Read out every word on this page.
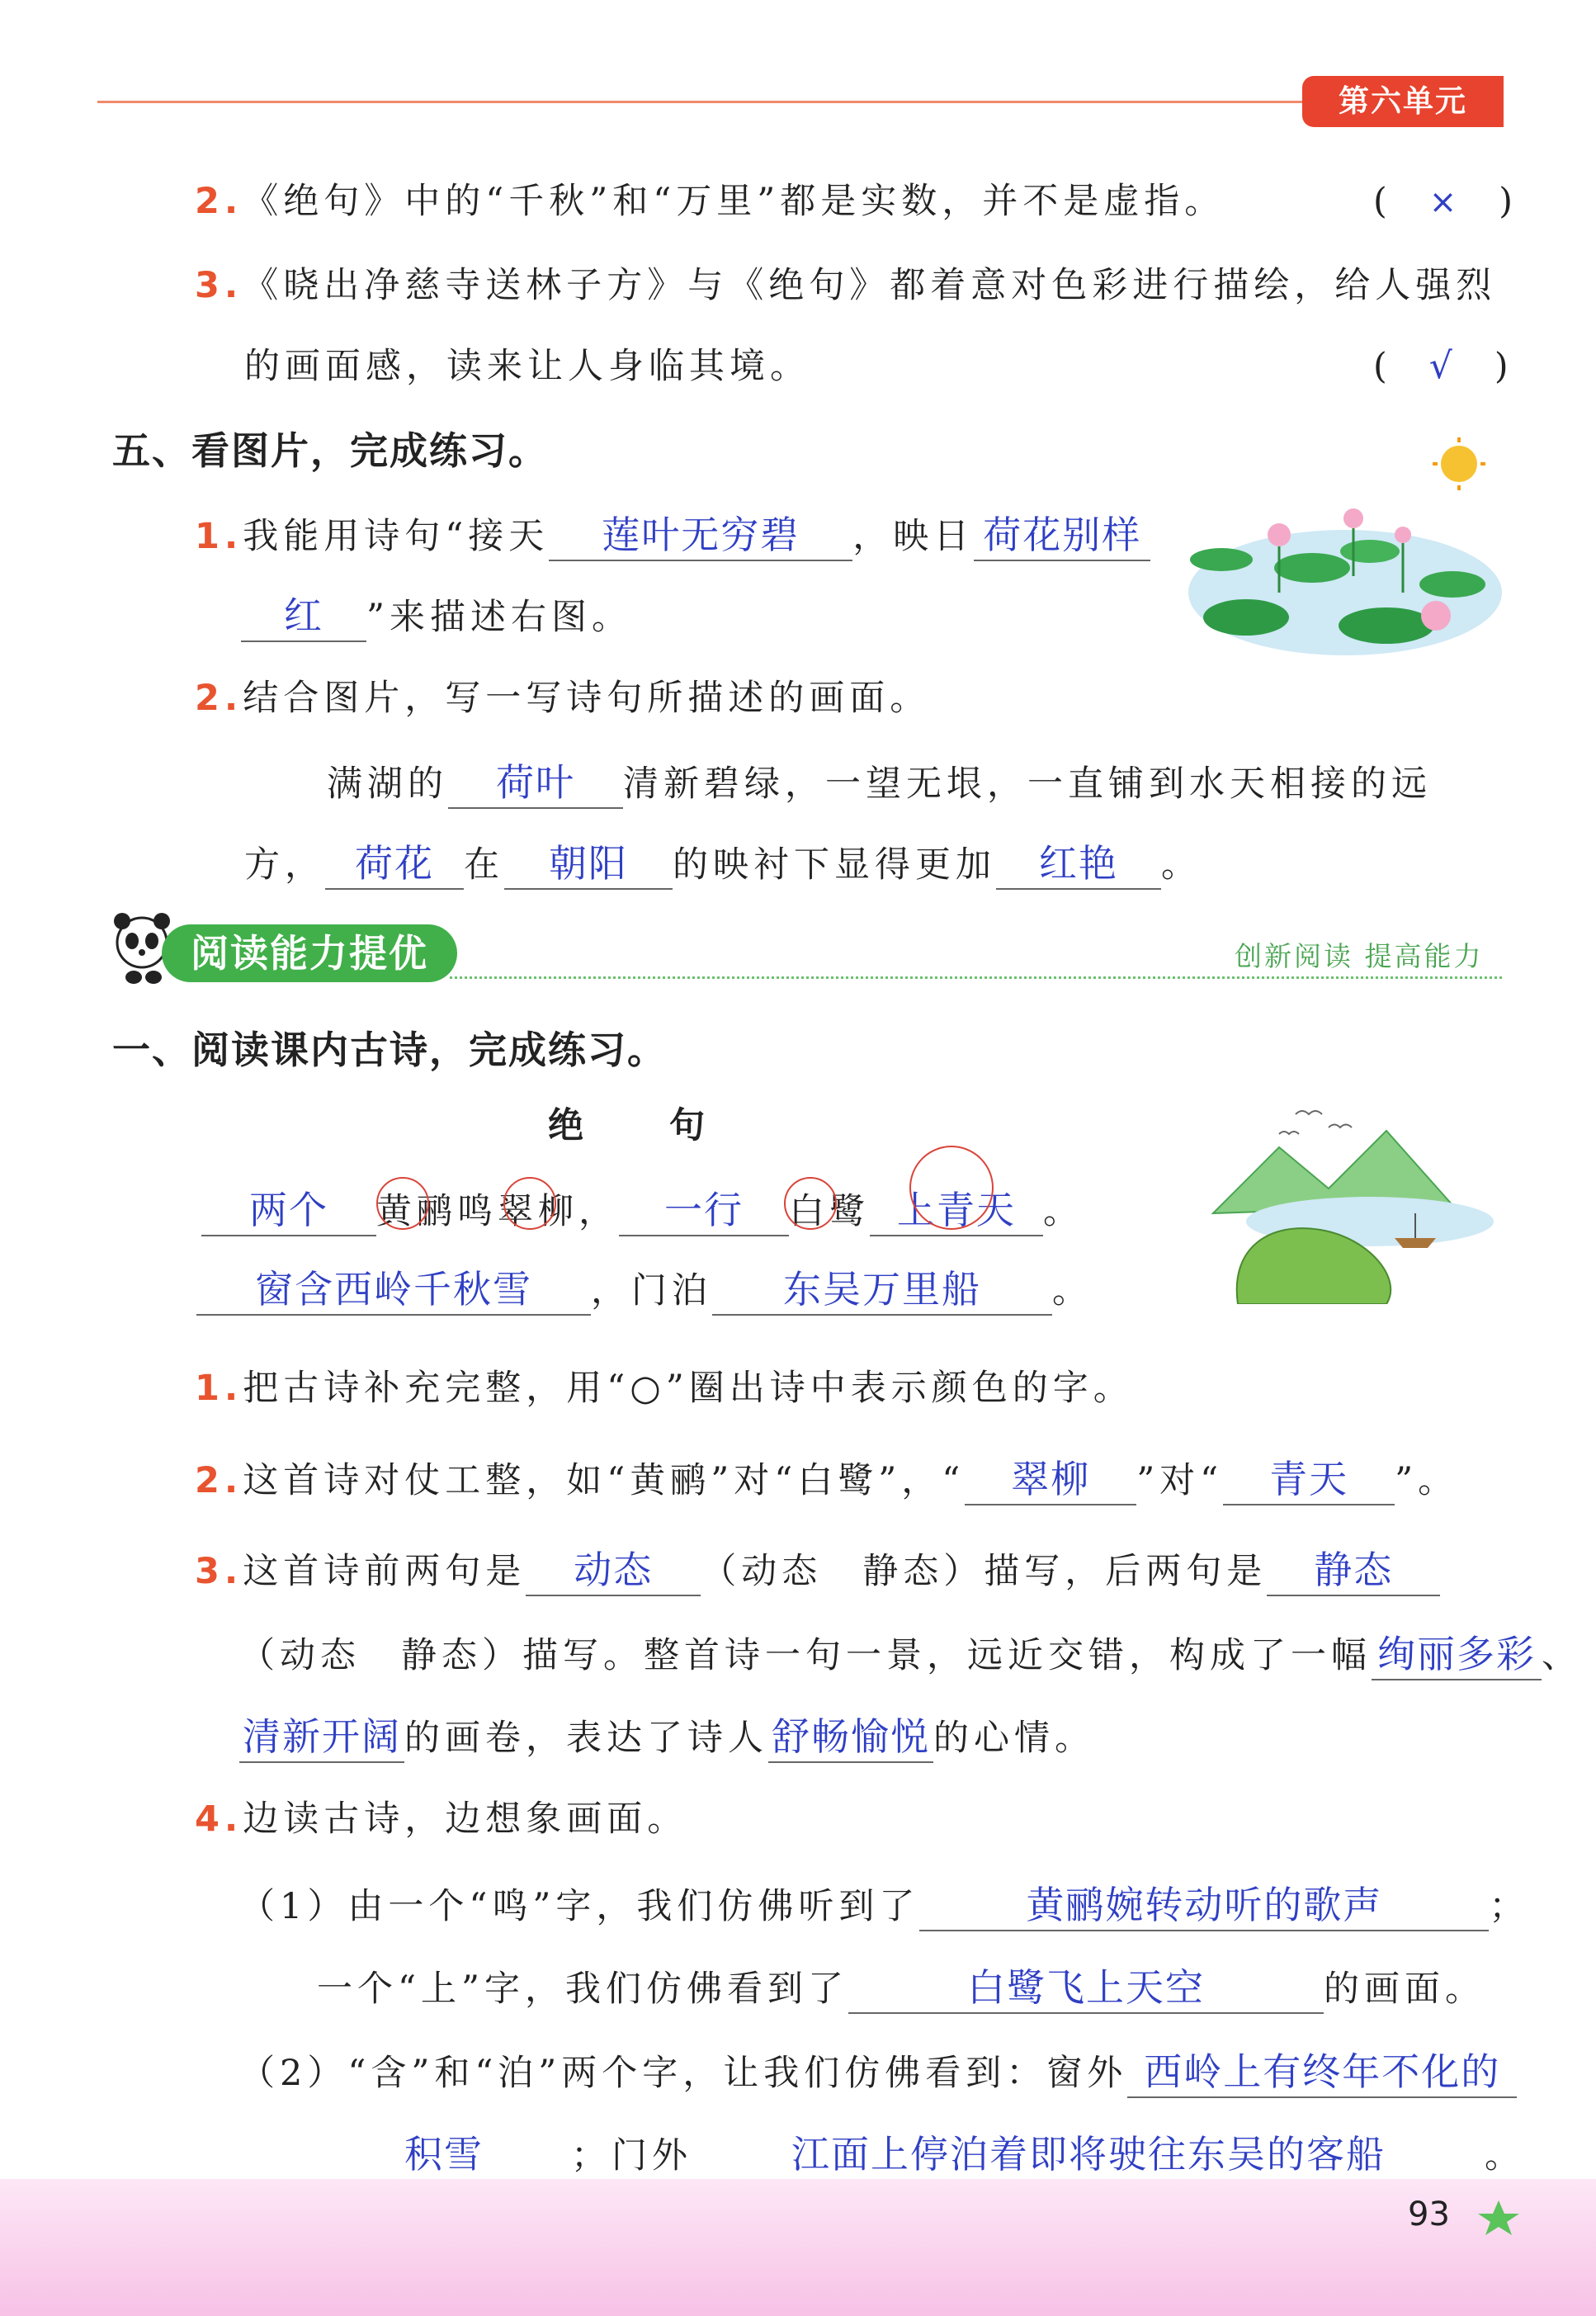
第六单元
2.《绝句》中的“千秋”和“万里”都是实数，并不是虚指。	(　×　)
3.《晓出净慈寺送林子方》与《绝句》都着意对色彩进行描绘，给人强烈
的画面感，读来让人身临其境。	(　√　)
五、看图片，完成练习。
1.我能用诗句“接天 莲叶无穷碧 ，映日 荷花别样
红 ”来描述右图。
2.结合图片，写一写诗句所描述的画面。
满湖的 荷叶 清新碧绿，一望无垠，一直铺到水天相接的远
方， 荷花 在 朝阳 的映衬下显得更加 红艳 。
阅读能力提优	创新阅读 提高能力
一、阅读课内古诗，完成练习。
绝　　句
两个 黄鹂鸣翠柳， 一行 白鹭 上青天 。
窗含西岭千秋雪 ，门泊 东吴万里船 。
1.把古诗补充完整，用“○”圈出诗中表示颜色的字。
2.这首诗对仗工整，如“黄鹂”对“白鹭”，“ 翠柳 ”对“ 青天 ”。
3.这首诗前两句是 动态 （动态　静态）描写，后两句是 静态
（动态　静态）描写。整首诗一句一景，远近交错，构成了一幅 绚丽多彩 、
清新开阔的画卷，表达了诗人舒畅愉悦的心情。
4.边读古诗，边想象画面。
（1）由一个“鸣”字，我们仿佛听到了	黄鹂婉转动听的歌声	；
一个“上”字，我们仿佛看到了	白鹭飞上天空	的画面。
（2）“含”和“泊”两个字，让我们仿佛看到：窗外 西岭上有终年不化的
积雪 ；门外	江面上停泊着即将驶往东吴的客船	。
93
